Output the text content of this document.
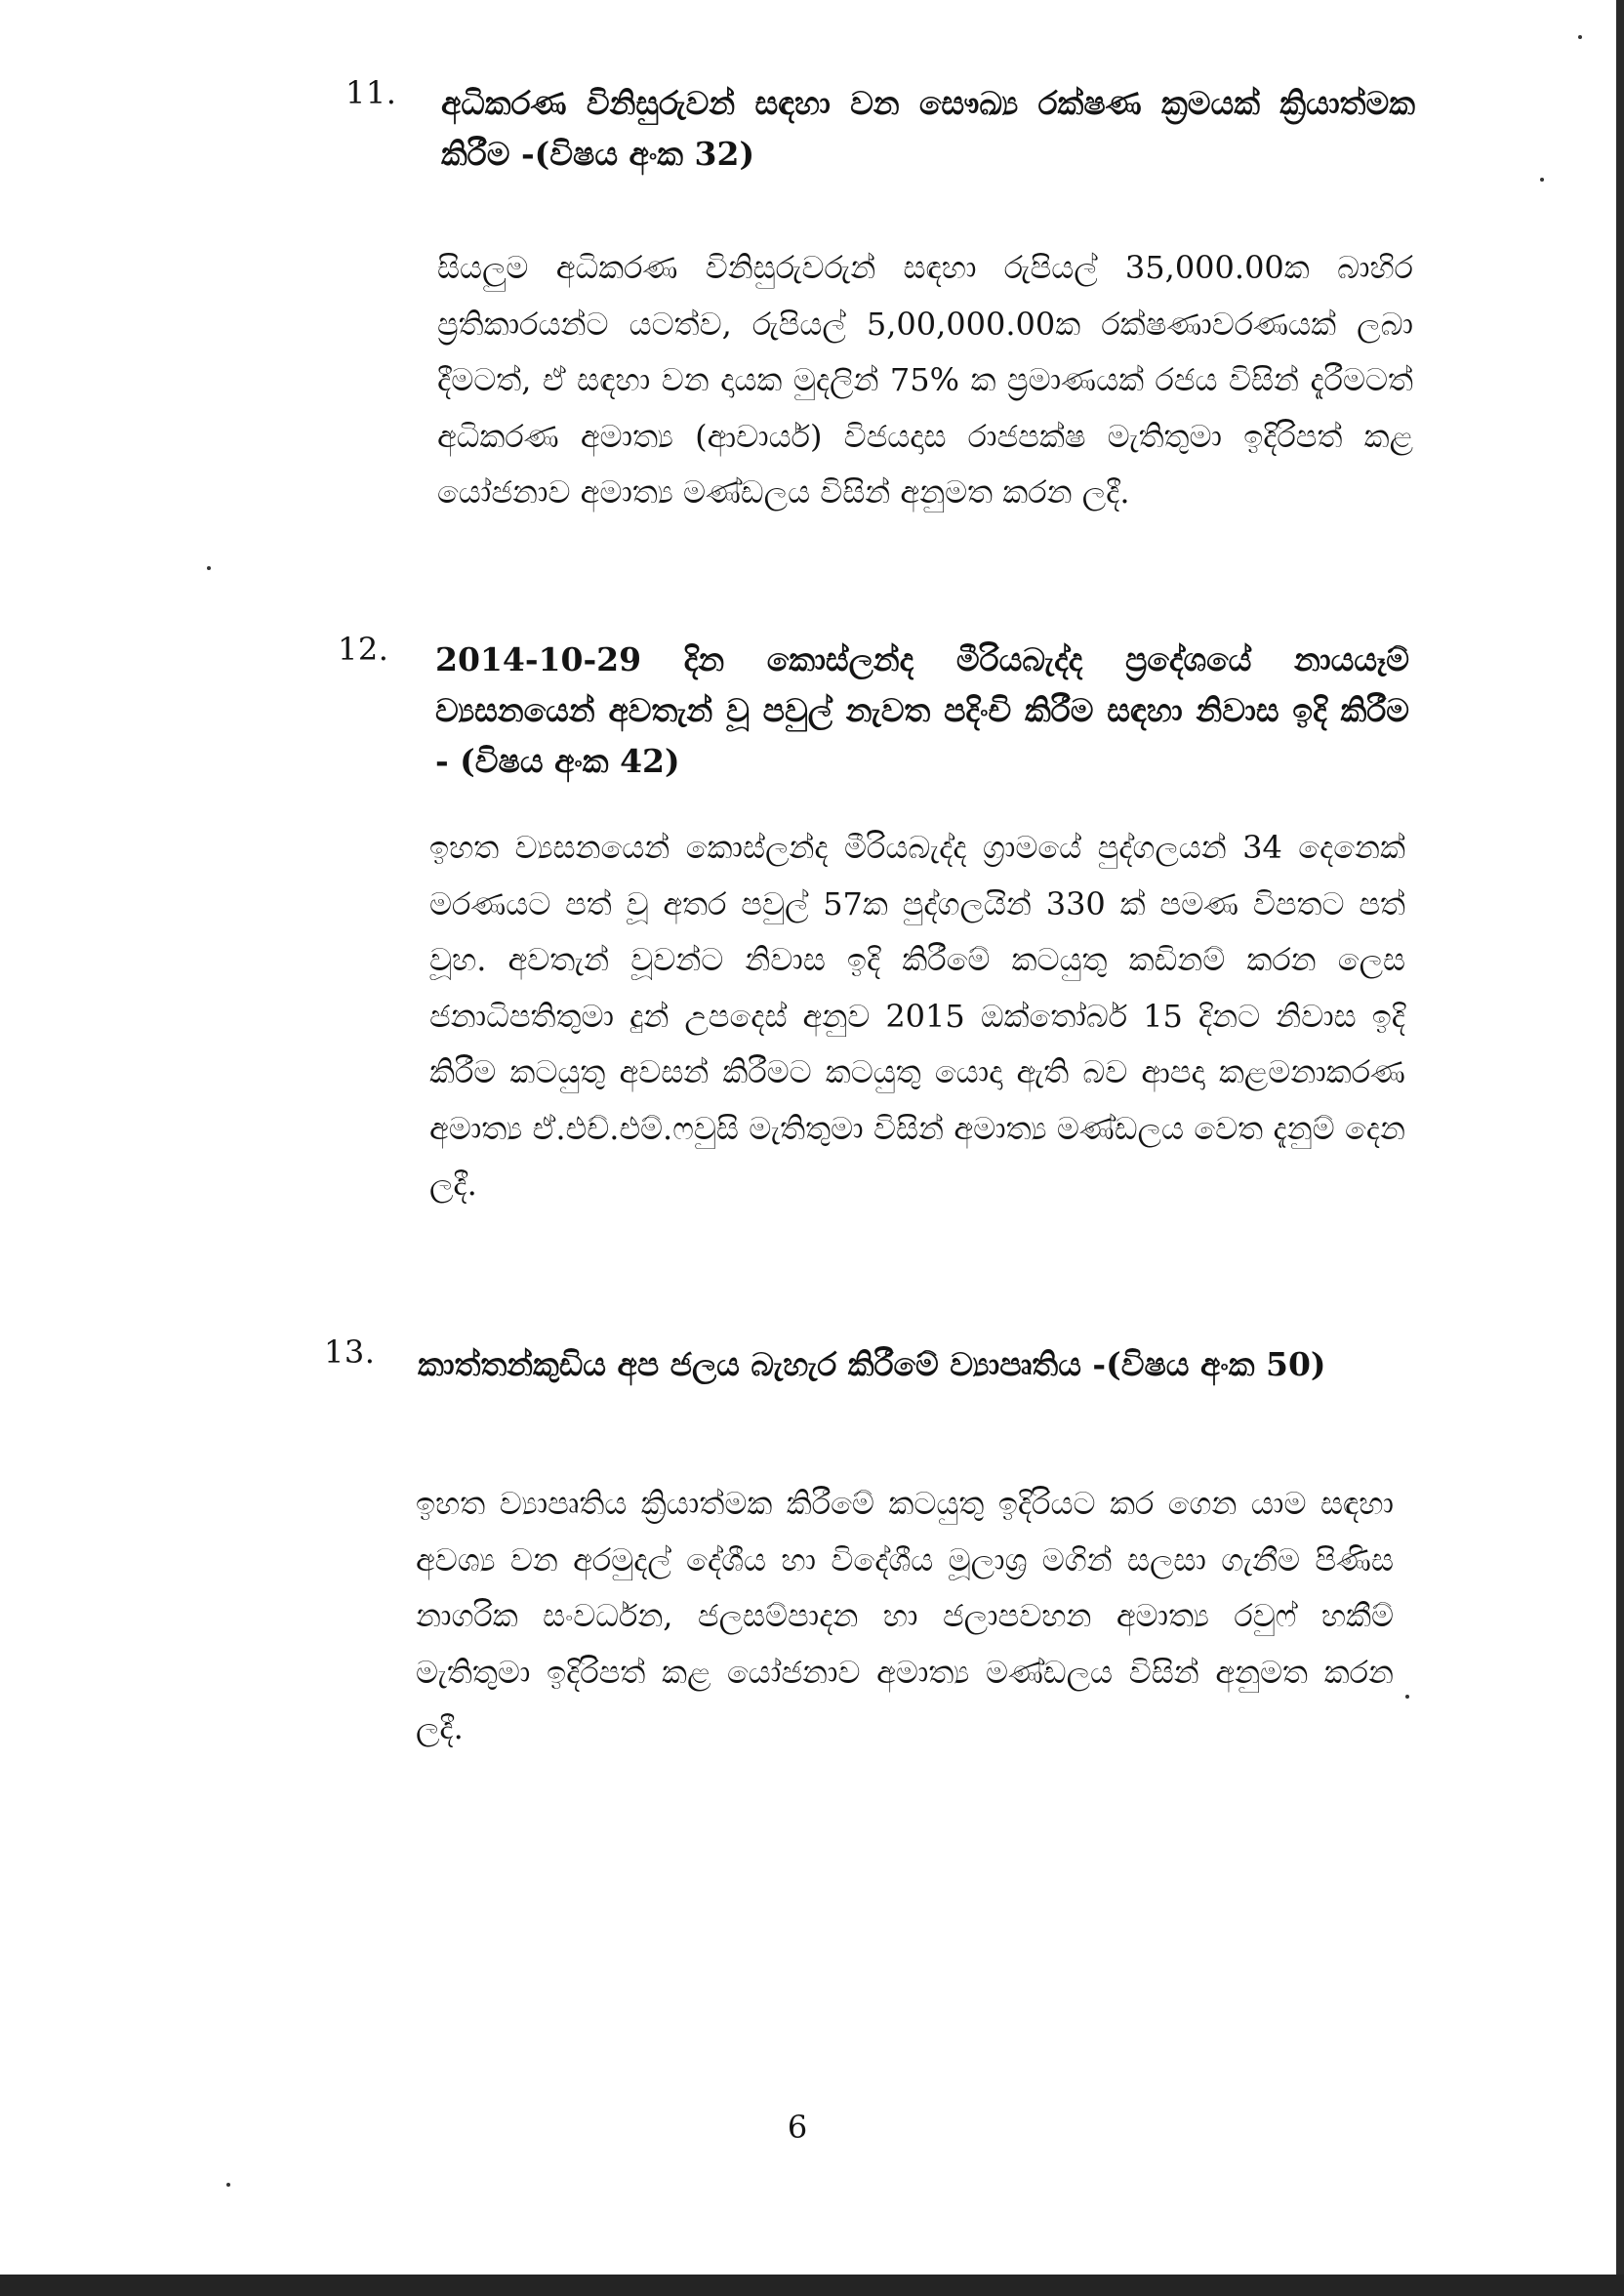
11. අධිකරණ විනිසුරුවන් සඳහා වන සෞඛ්‍ය රක්ෂණ ක්‍රමයක් ක්‍රියාත්මක කිරීම -(විෂය අංක 32)

සියලුම අධිකරණ විනිසුරුවරුන් සඳහා රුපියල් 35,000.00ක බාහිර ප්‍රතිකාරයන්ට යටත්ව, රුපියල් 5,00,000.00ක රක්ෂණාවරණයක් ලබා දීමටත්, ඒ සඳහා වන දායක මුදලින් 75% ක ප්‍රමාණයක් රජය විසින් දැරීමටත් අධිකරණ අමාත්‍ය (ආචාර්ය) විජයදාස රාජපක්ෂ මැතිතුමා ඉදිරිපත් කළ යෝජනාව අමාත්‍ය මණ්ඩලය විසින් අනුමත කරන ලදී.

12. 2014-10-29 දින කොස්ලන්ද මීරියබැද්ද ප්‍රදේශයේ නායයෑම් ව්‍යසනයෙන් අවතැන් වූ පවුල් නැවත පදිංචි කිරීම සඳහා නිවාස ඉදි කිරීම - (විෂය අංක 42)

ඉහත ව්‍යසනයෙන් කොස්ලන්ද මීරියබැද්ද ග්‍රාමයේ පුද්ගලයන් 34 දෙනෙක් මරණයට පත් වූ අතර පවුල් 57ක පුද්ගලයින් 330 ක් පමණ විපතට පත් වූහ. අවතැන් වූවන්ට නිවාස ඉදි කිරීමේ කටයුතු කඩිනම් කරන ලෙස ජනාධිපතිතුමා දුන් උපදෙස් අනුව 2015 ඔක්තෝබර් 15 දිනට නිවාස ඉදි කිරීම කටයුතු අවසන් කිරීමට කටයුතු යොදා ඇති බව ආපදා කළමනාකරණ අමාත්‍ය ඒ.එච්.එම්.ෆවුසි මැතිතුමා විසින් අමාත්‍ය මණ්ඩලය වෙත දැනුම් දෙන ලදී.

13. කාත්තන්කුඩිය අප ජලය බැහැර කිරීමේ ව්‍යාපෘතිය -(විෂය අංක 50)

ඉහත ව්‍යාපෘතිය ක්‍රියාත්මක කිරීමේ කටයුතු ඉදිරියට කර ගෙන යාම සඳහා අවශ්‍ය වන අරමුදල් දේශීය හා විදේශීය මූලාශ්‍ර මගින් සලසා ගැනීම පිණිස නාගරික සංවර්ධන, ජලසම්පාදන හා ජලාපවහන අමාත්‍ය රවුෆ් හකීම් මැතිතුමා ඉදිරිපත් කළ යෝජනාව අමාත්‍ය මණ්ඩලය විසින් අනුමත කරන ලදී.

6
